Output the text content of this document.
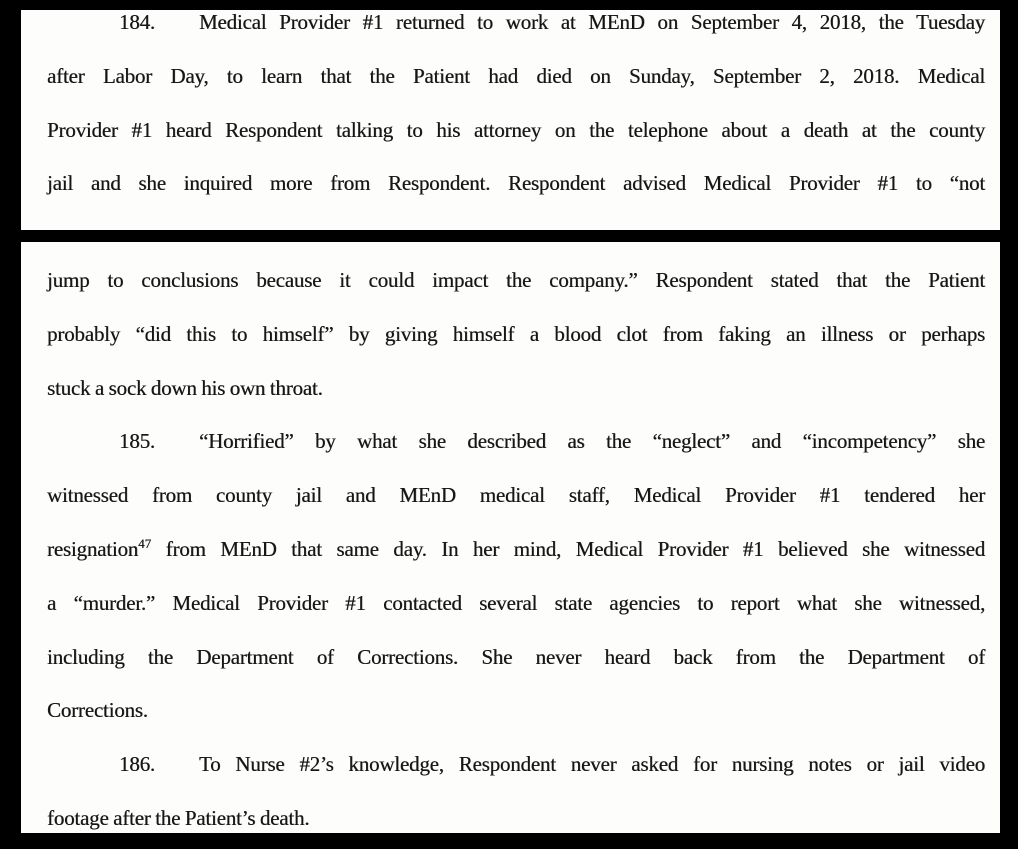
184. Medical Provider #1 returned to work at MEnD on September 4, 2018, the Tuesday
after Labor Day, to learn that the Patient had died on Sunday, September 2, 2018. Medical
Provider #1 heard Respondent talking to his attorney on the telephone about a death at the county
jail and she inquired more from Respondent. Respondent advised Medical Provider #1 to “not
jump to conclusions because it could impact the company.” Respondent stated that the Patient
probably “did this to himself” by giving himself a blood clot from faking an illness or perhaps
stuck a sock down his own throat.
185. “Horrified” by what she described as the “neglect” and “incompetency” she
witnessed from county jail and MEnD medical staff, Medical Provider #1 tendered her
resignation$^{47}$ from MEnD that same day. In her mind, Medical Provider #1 believed she witnessed
a “murder.” Medical Provider #1 contacted several state agencies to report what she witnessed,
including the Department of Corrections. She never heard back from the Department of
Corrections.
186. To Nurse #2’s knowledge, Respondent never asked for nursing notes or jail video
footage after the Patient’s death.
